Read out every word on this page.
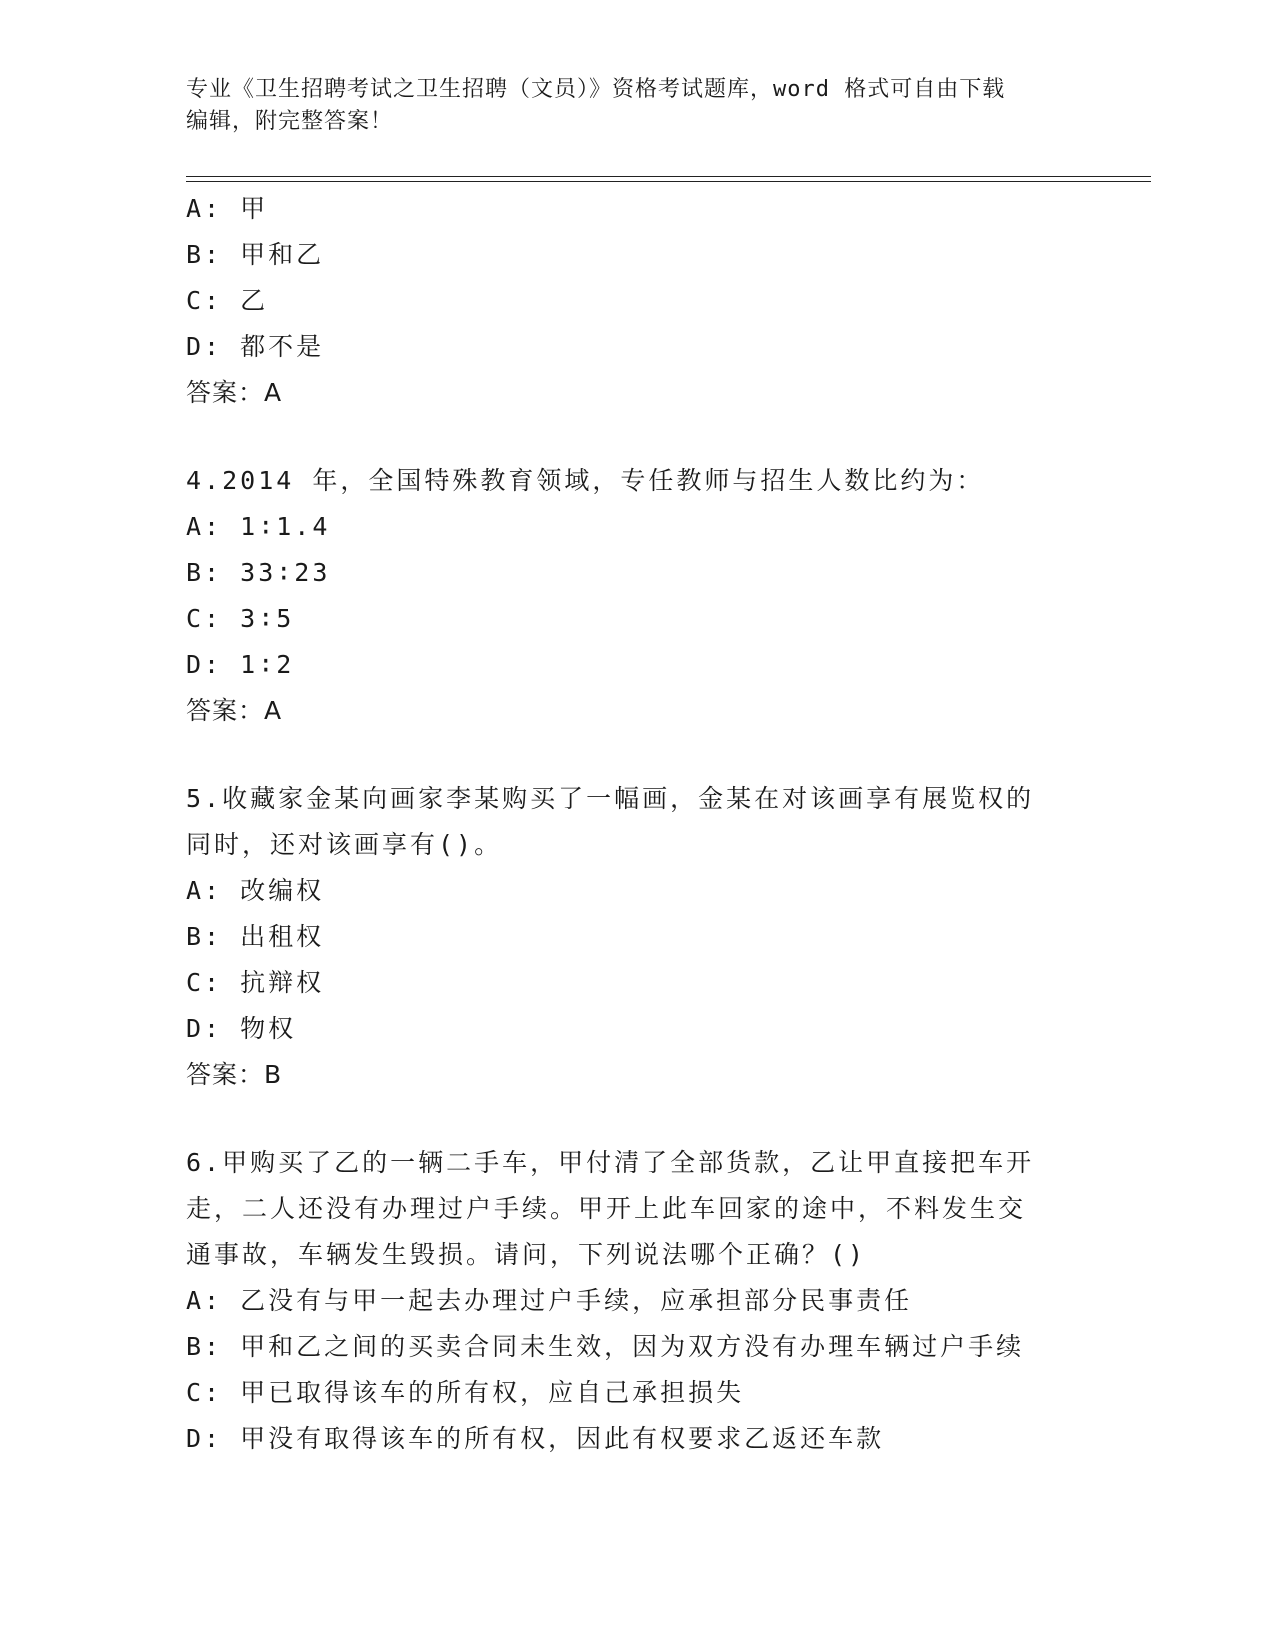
专业《卫生招聘考试之卫生招聘（文员）》资格考试题库，word 格式可自由下载
编辑，附完整答案！
A: 甲
B: 甲和乙
C: 乙
D: 都不是
答案：A
4.2014 年，全国特殊教育领域，专任教师与招生人数比约为：
A: 1∶1.4
B: 33∶23
C: 3∶5
D: 1∶2
答案：A
5.收藏家金某向画家李某购买了一幅画，金某在对该画享有展览权的
同时，还对该画享有()。
A: 改编权
B: 出租权
C: 抗辩权
D: 物权
答案：B
6.甲购买了乙的一辆二手车，甲付清了全部货款，乙让甲直接把车开
走，二人还没有办理过户手续。甲开上此车回家的途中，不料发生交
通事故，车辆发生毁损。请问，下列说法哪个正确？()
A: 乙没有与甲一起去办理过户手续，应承担部分民事责任
B: 甲和乙之间的买卖合同未生效，因为双方没有办理车辆过户手续
C: 甲已取得该车的所有权，应自己承担损失
D: 甲没有取得该车的所有权，因此有权要求乙返还车款
